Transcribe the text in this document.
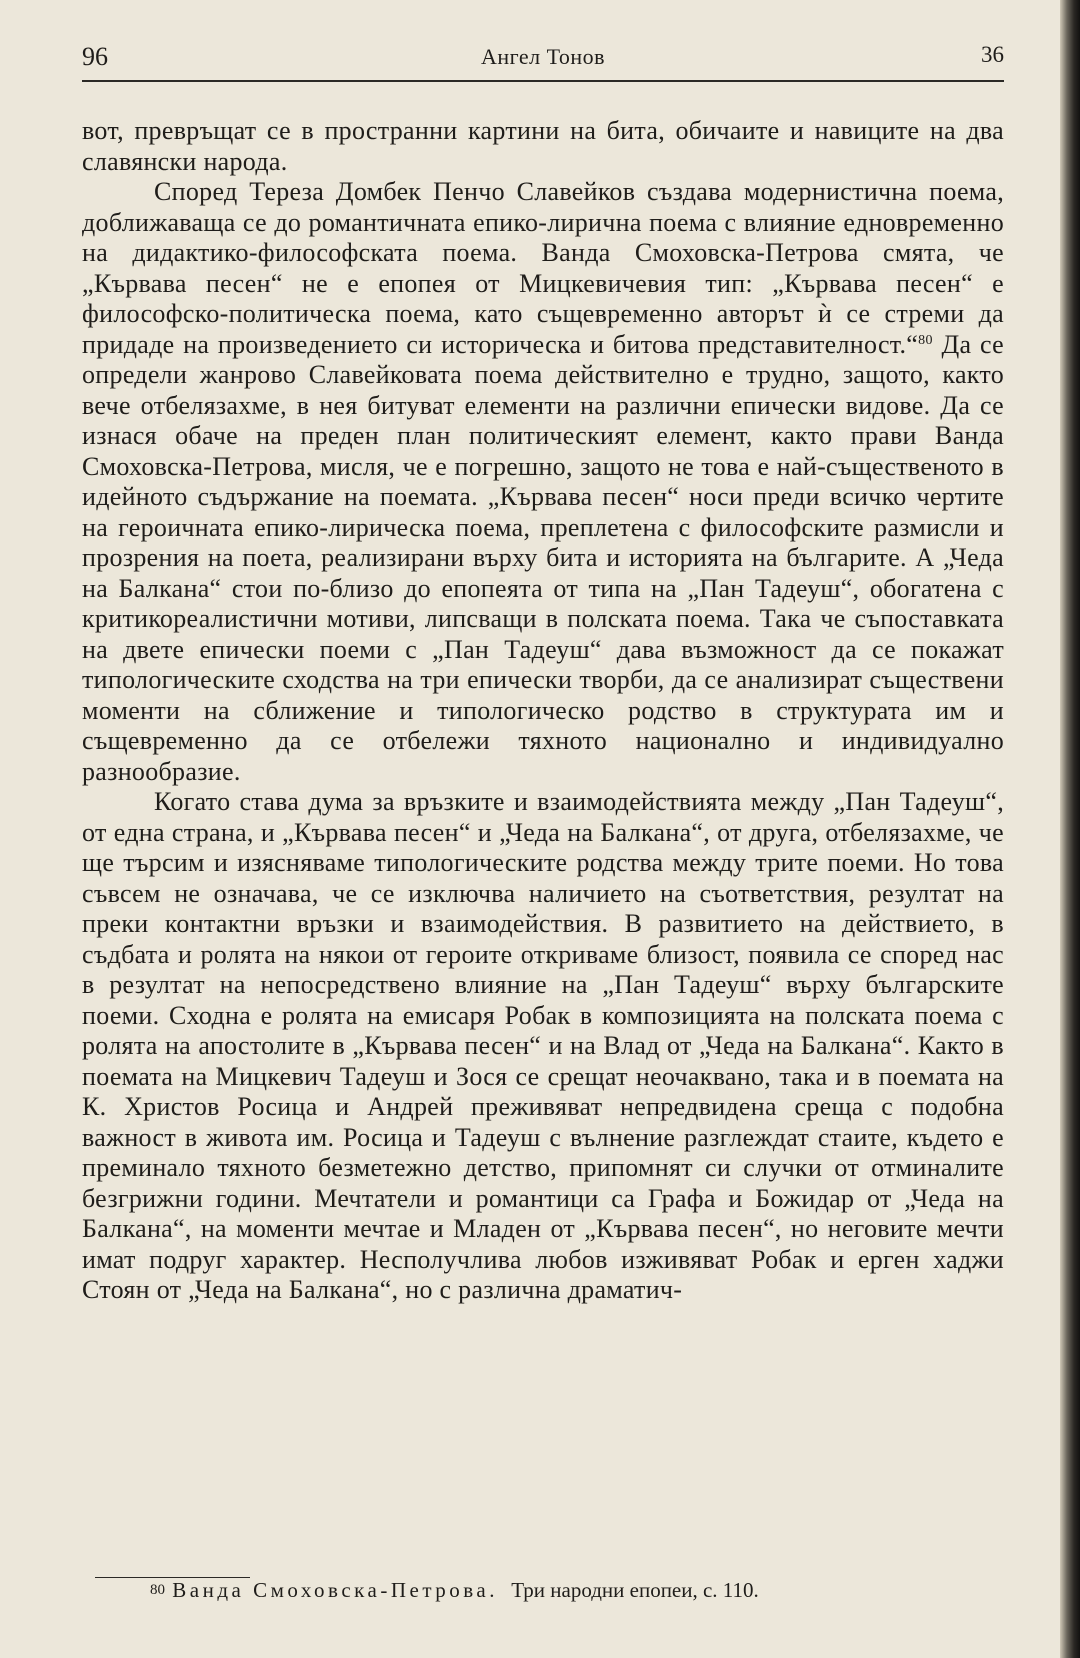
96	Ангел Тонов	36

вот, превръщат се в пространни картини на бита, обичаите и навиците на два славянски народа.

Според Тереза Домбек Пенчо Славейков създава модернистична поема, доближаваща се до романтичната епико-лирична поема с влияние едновременно на дидактико-философската поема. Ванда Смоховска-Петрова смята, че „Кървава песен“ не е епопея от Мицкевичевия тип: „Кървава песен“ е философско-политическа поема, като същевременно авторът ѝ се стреми да придаде на произведението си историческа и битова представителност.“$^{80}$ Да се определи жанрово Славейковата поема действително е трудно, защото, както вече отбелязахме, в нея битуват елементи на различни епически видове. Да се изнася обаче на преден план политическият елемент, както прави Ванда Смоховска-Петрова, мисля, че е погрешно, защото не това е най-същественото в идейното съдържание на поемата. „Кървава песен“ носи преди всичко чертите на героичната епико-лирическа поема, преплетена с философските размисли и прозрения на поета, реализирани върху бита и историята на българите. А „Чеда на Балкана“ стои по-близо до епопеята от типа на „Пан Тадеуш“, обогатена с критикореалистични мотиви, липсващи в полската поема. Така че съпоставката на двете епически поеми с „Пан Тадеуш“ дава възможност да се покажат типологическите сходства на три епически творби, да се анализират съществени моменти на сближение и типологическо родство в структурата им и същевременно да се отбележи тяхното национално и индивидуално разнообразие.

Когато става дума за връзките и взаимодействията между „Пан Тадеуш“, от една страна, и „Кървава песен“ и „Чеда на Балкана“, от друга, отбелязахме, че ще търсим и изясняваме типологическите родства между трите поеми. Но това съвсем не означава, че се изключва наличието на съответствия, резултат на преки контактни връзки и взаимодействия. В развитието на действието, в съдбата и ролята на някои от героите откриваме близост, появила се според нас в резултат на непосредствено влияние на „Пан Тадеуш“ върху българските поеми. Сходна е ролята на емисаря Робак в композицията на полската поема с ролята на апостолите в „Кървава песен“ и на Влад от „Чеда на Балкана“. Както в поемата на Мицкевич Тадеуш и Зося се срещат неочаквано, така и в поемата на К. Христов Росица и Андрей преживяват непредвидена среща с подобна важност в живота им. Росица и Тадеуш с вълнение разглеждат стаите, където е преминало тяхното безметежно детство, припомнят си случки от отминалите безгрижни години. Мечтатели и романтици са Графа и Божидар от „Чеда на Балкана“, на моменти мечтае и Младен от „Кървава песен“, но неговите мечти имат подруг характер. Несполучлива любов изживяват Робак и ерген хаджи Стоян от „Чеда на Балкана“, но с различна драматич-

80 Ванда Смоховска-Петрова. Три народни епопеи, с. 110.
